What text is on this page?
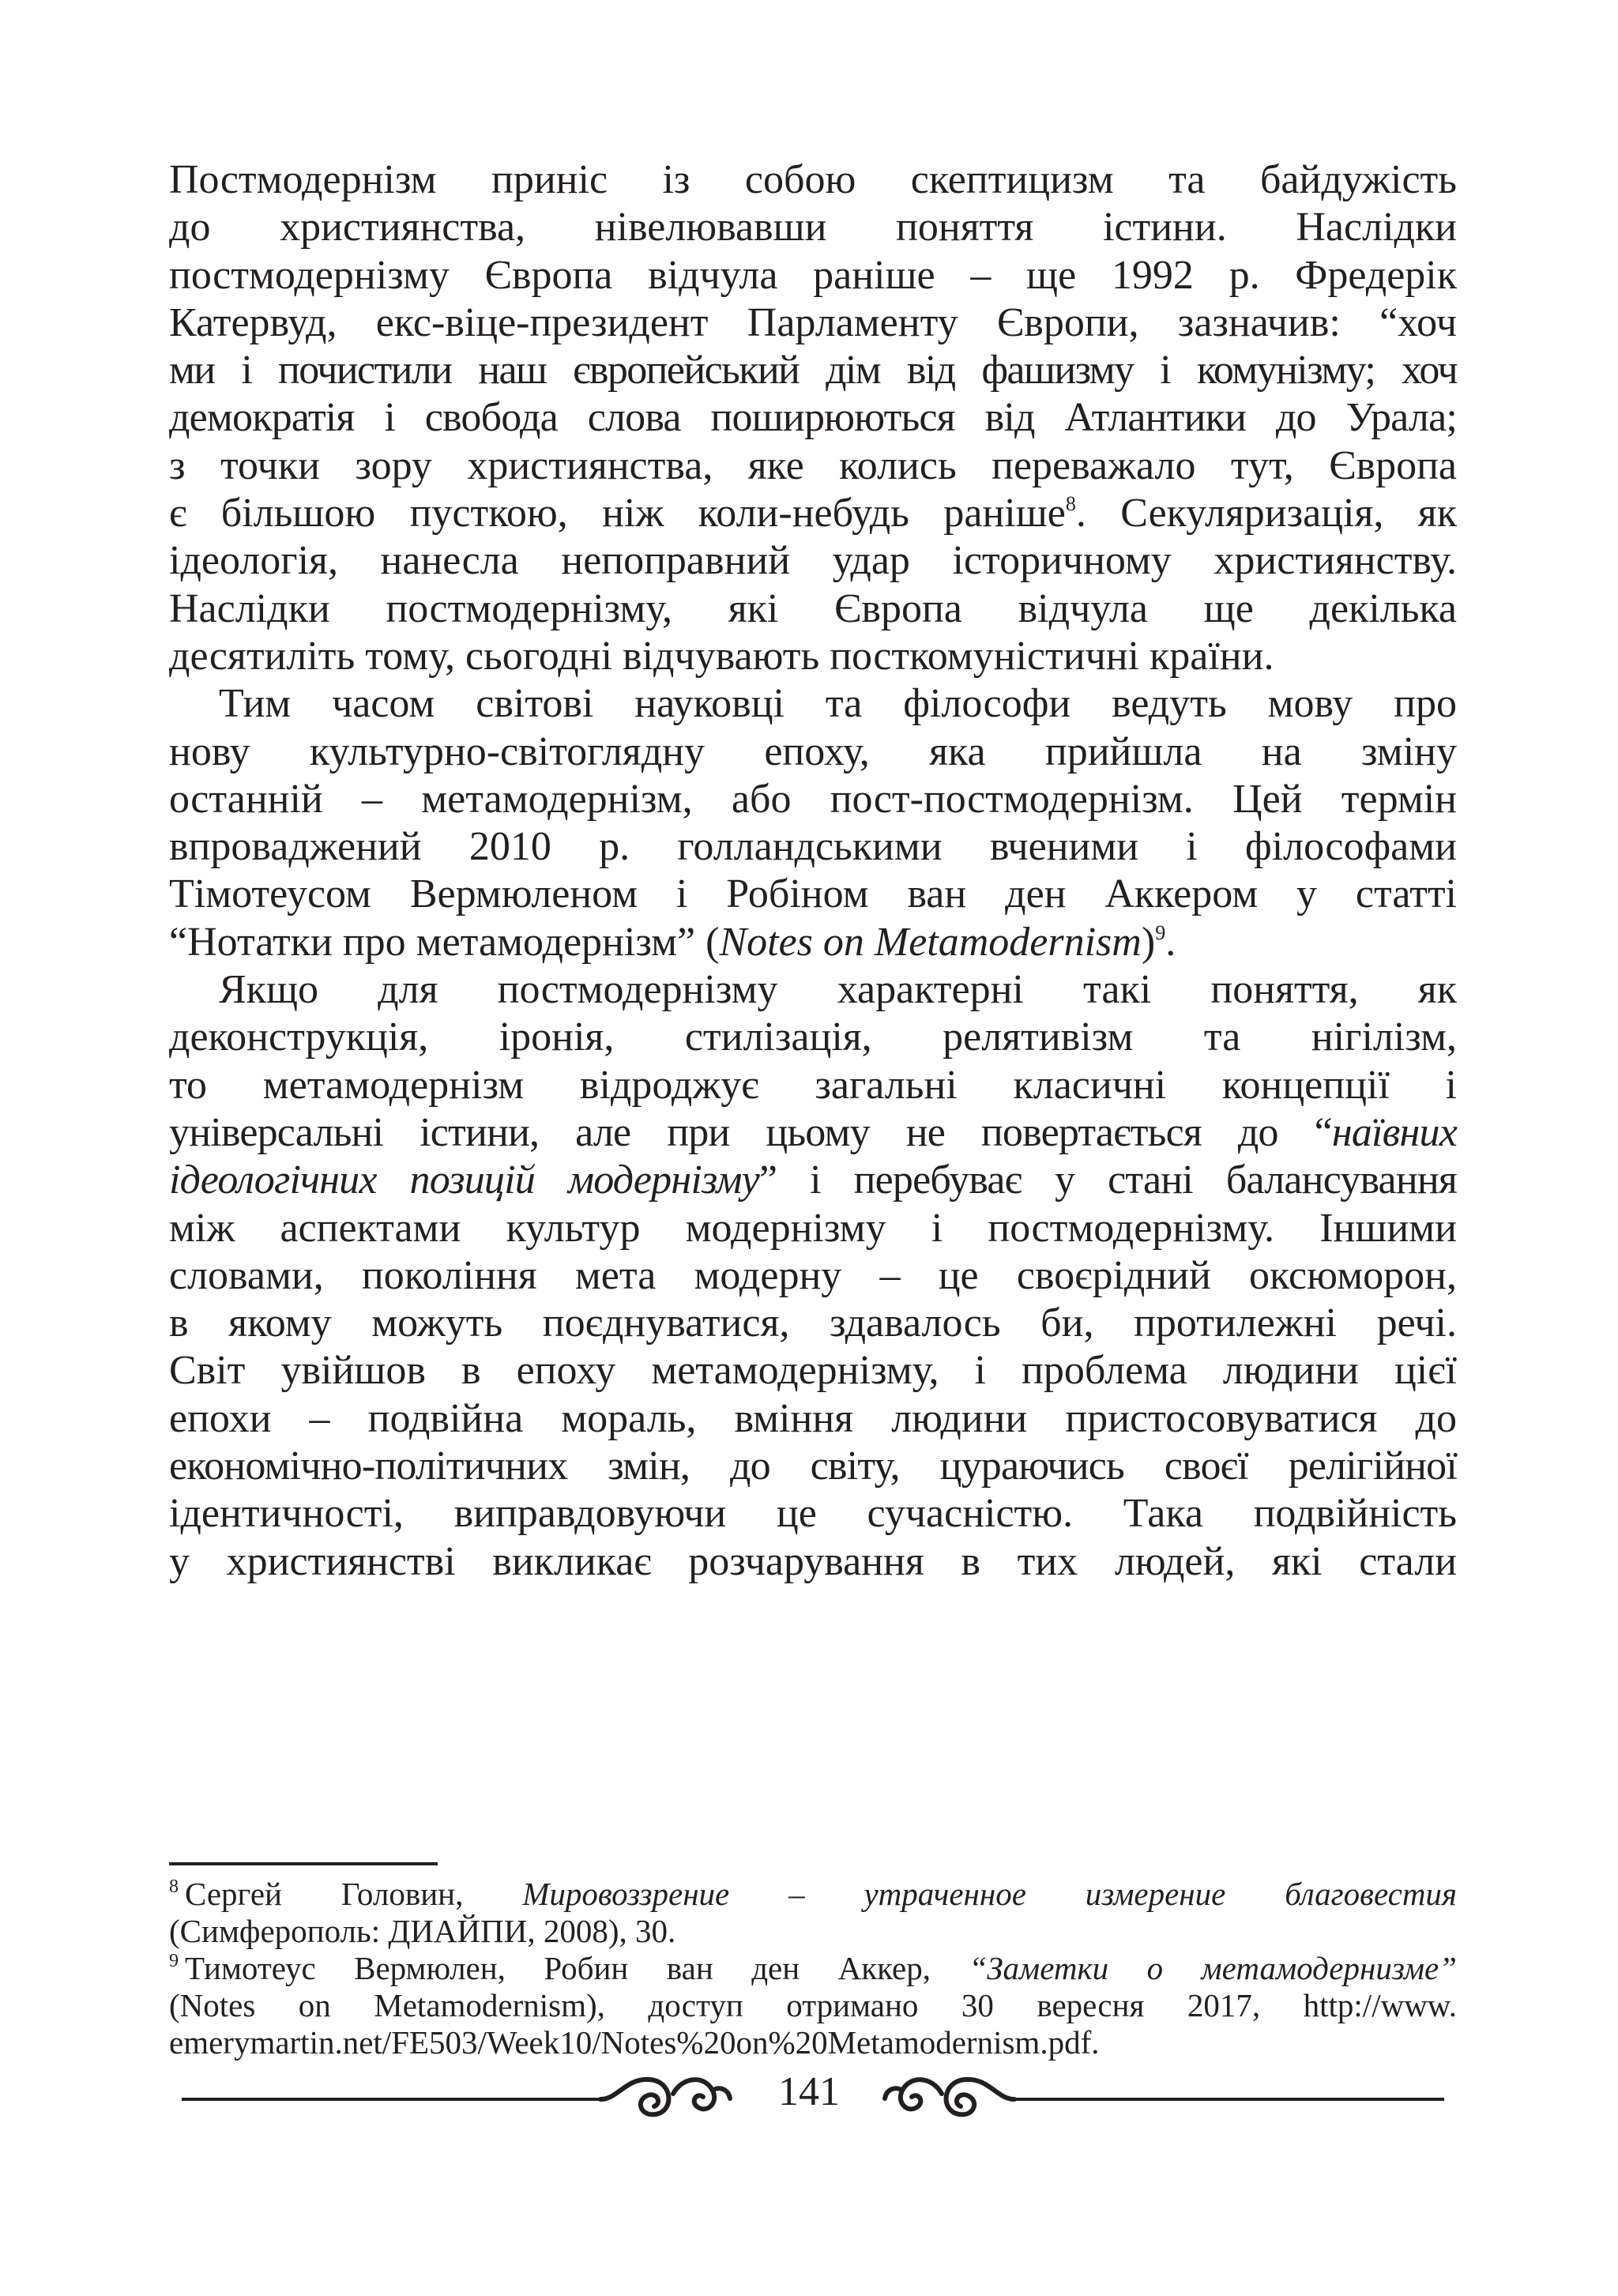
Постмодернізм приніс із собою скептицизм та байдужість
до християнства, нівелювавши поняття істини. Наслідки
постмодернізму Європа відчула раніше – ще 1992 р. Фредерік
Катервуд, екс-віце-президент Парламенту Європи, зазначив: “хоч
ми і почистили наш європейський дім від фашизму і комунізму; хоч
демократія і свобода слова поширюються від Атлантики до Урала;
з точки зору християнства, яке колись переважало тут, Європа
є більшою пусткою, ніж коли-небудь раніше$^8$. Секуляризація, як
ідеологія, нанесла непоправний удар історичному християнству.
Наслідки постмодернізму, які Європа відчула ще декілька
десятиліть тому, сьогодні відчувають посткомуністичні країни.
Тим часом світові науковці та філософи ведуть мову про
нову культурно-світоглядну епоху, яка прийшла на зміну
останній – метамодернізм, або пост-постмодернізм. Цей термін
впроваджений 2010 р. голландськими вченими і філософами
Тімотеусом Вермюленом і Робіном ван ден Аккером у статті
“Нотатки про метамодернізм” (Notes on Metamodernism)$^9$.
Якщо для постмодернізму характерні такі поняття, як
деконструкція, іронія, стилізація, релятивізм та нігілізм,
то метамодернізм відроджує загальні класичні концепції і
універсальні істини, але при цьому не повертається до “наївних
ідеологічних позицій модернізму” і перебуває у стані балансування
між аспектами культур модернізму і постмодернізму. Іншими
словами, покоління мета модерну – це своєрідний оксюморон,
в якому можуть поєднуватися, здавалось би, протилежні речі.
Світ увійшов в епоху метамодернізму, і проблема людини цієї
епохи – подвійна мораль, вміння людини пристосовуватися до
економічно-політичних змін, до світу, цураючись своєї релігійної
ідентичності, виправдовуючи це сучасністю. Така подвійність
у християнстві викликає розчарування в тих людей, які стали
$^8$ Сергей Головин, Мировоззрение – утраченное измерение благовестия
(Симферополь: ДИАЙПИ, 2008), 30.
$^9$ Тимотеус Вермюлен, Робин ван ден Аккер, “Заметки о метамодернизме”
(Notes on Metamodernism), доступ отримано 30 вересня 2017, http://www.
emerymartin.net/FE503/Week10/Notes%20on%20Metamodernism.pdf.
141
